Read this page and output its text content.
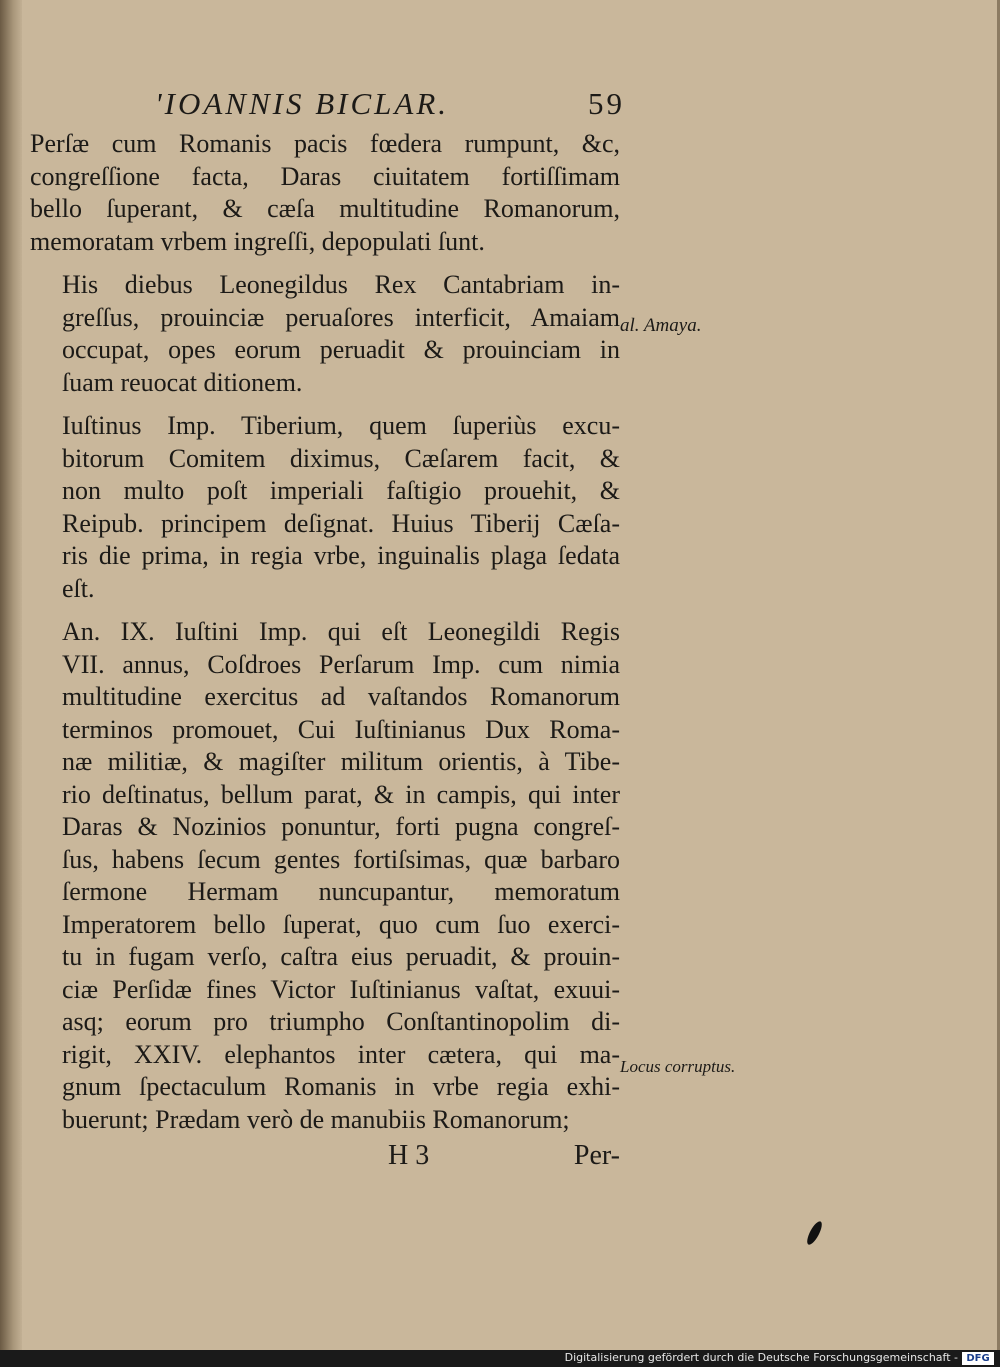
'IOANNIS BICLAR.	59
Perſæ cum Romanis pacis fœdera rumpunt, &c,
congreſſione facta, Daras ciuitatem fortiſſimam
bello ſuperant, & cæſa multitudine Romanorum,
memoratam vrbem ingreſſi, depopulati ſunt.
His diebus Leonegildus Rex Cantabriam in-
greſſus, prouinciæ peruaſores interficit, Amaiam
occupat, opes eorum peruadit & prouinciam in
ſuam reuocat ditionem.
Iuſtinus Imp. Tiberium, quem ſuperiùs excu-
bitorum Comitem diximus, Cæſarem facit, &
non multo poſt imperiali faſtigio prouehit, &
Reipub. principem deſignat. Huius Tiberij Cæſa-
ris die prima, in regia vrbe, inguinalis plaga ſedata
eſt.
An. IX. Iuſtini Imp. qui eſt Leonegildi Regis
VII. annus, Coſdroes Perſarum Imp. cum nimia
multitudine exercitus ad vaſtandos Romanorum
terminos promouet, Cui Iuſtinianus Dux Roma-
næ militiæ, & magiſter militum orientis, à Tibe-
rio deſtinatus, bellum parat, & in campis, qui inter
Daras & Nozinios ponuntur, forti pugna congreſ-
ſus, habens ſecum gentes fortiſsimas, quæ barbaro
ſermone Hermam nuncupantur, memoratum
Imperatorem bello ſuperat, quo cum ſuo exerci-
tu in fugam verſo, caſtra eius peruadit, & prouin-
ciæ Perſidæ fines Victor Iuſtinianus vaſtat, exuui-
asq; eorum pro triumpho Conſtantinopolim di-
rigit, XXIV. elephantos inter cætera, qui ma-
gnum ſpectaculum Romanis in vrbe regia exhi-
buerunt; Prædam verò de manubiis Romanorum;
al. Amaya.
Locus corruptus.
H 3	Per-
Digitalisierung gefördert durch die Deutsche Forschungsgemeinschaft - DFG
